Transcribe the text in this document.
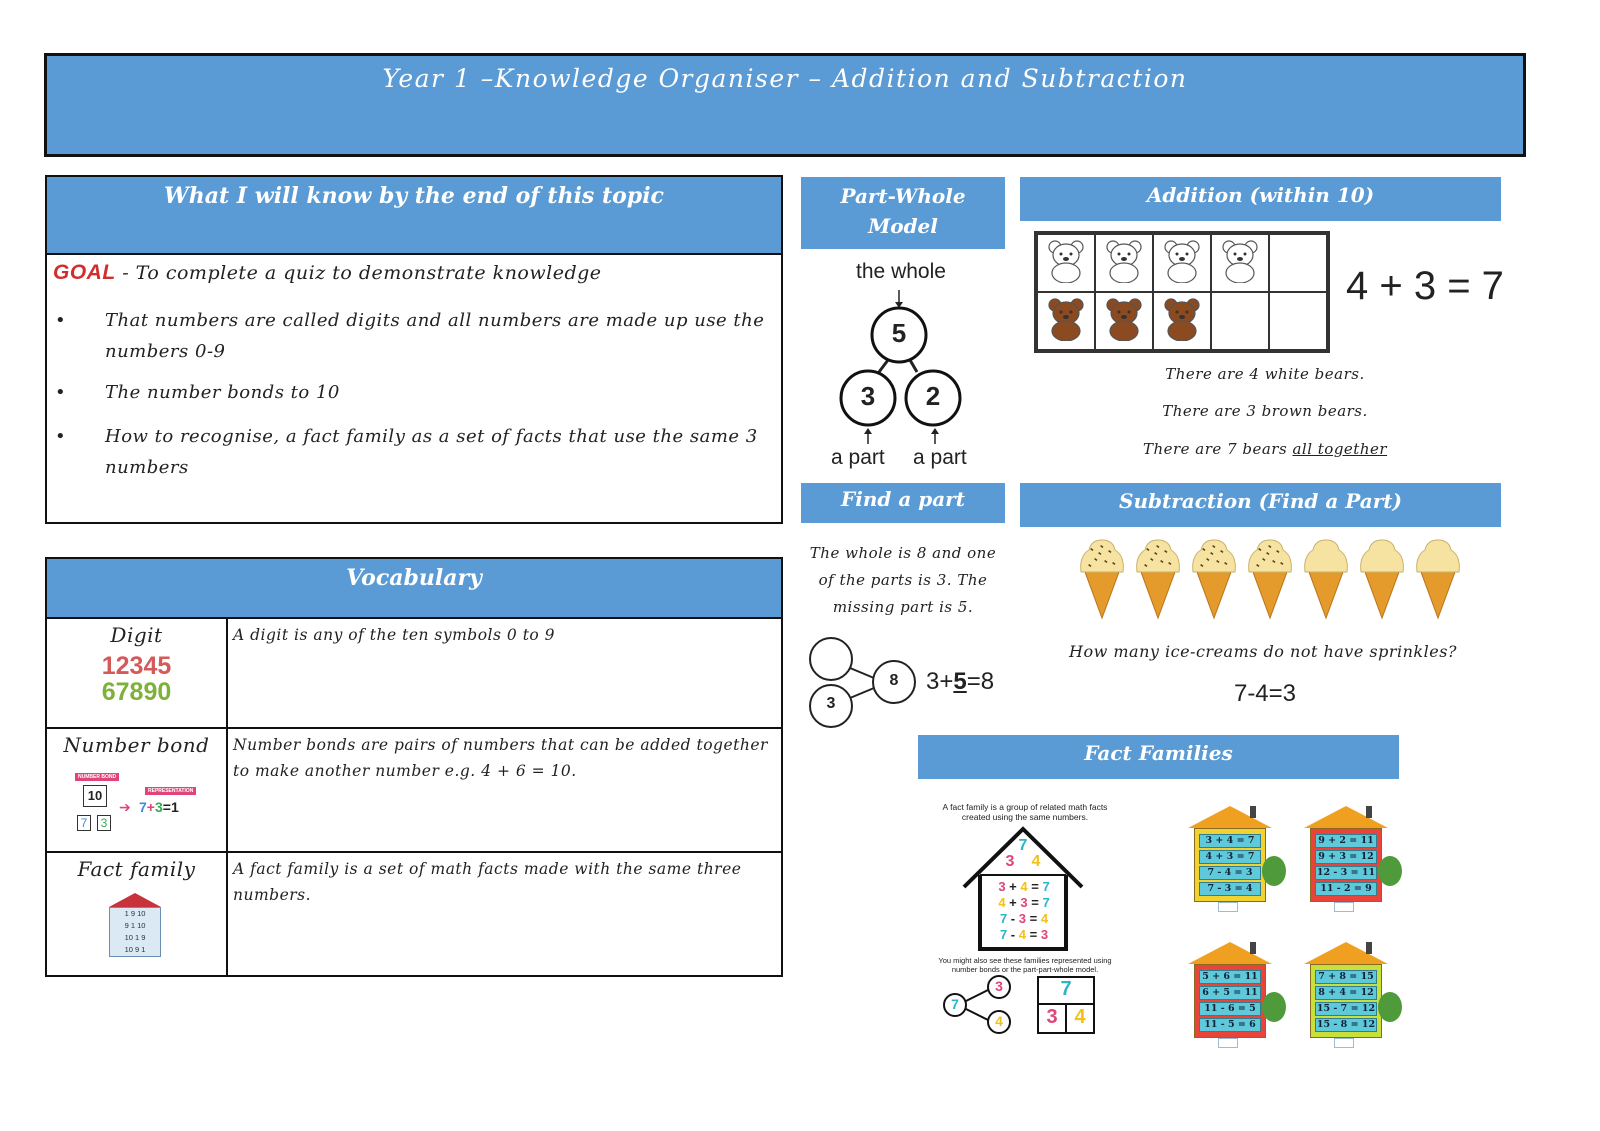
Year 1 –Knowledge Organiser – Addition and Subtraction
What I will know by the end of this topic
GOAL - To complete a quiz to demonstrate knowledge
• That numbers are called digits and all numbers are made up use the numbers 0-9
• The number bonds to 10
• How to recognise, a fact family as a set of facts that use the same 3 numbers
Vocabulary
Digit
12345
67890
A digit is any of the ten symbols 0 to 9
Number bond
NUMBER BOND
REPRESENTATION
10
7	3
➔ 7+3=1
Number bonds are pairs of numbers that can be added together to make another number e.g. 4 + 6 = 10.
Fact family
1 9 10
9 1 10
10 1 9
10 9 1
A fact family is a set of math facts made with the same three numbers.
Part-Whole
Model
the whole
5
3	2
a part a part
Addition (within 10)
4 + 3 = 7
There are 4 white bears.
There are 3 brown bears.
There are 7 bears all together
Find a part
The whole is 8 and one of the parts is 3. The missing part is 5.
3
8	3+5=8
Subtraction (Find a Part)
How many ice-creams do not have sprinkles?
7-4=3
Fact Families
A fact family is a group of related math facts created using the same numbers.
7
3	4
3 + 4 = 7
4 + 3 = 7
7 - 3 = 4
7 - 4 = 3
You might also see these families represented using number bonds or the part-part-whole model.
7
3
4
7
3 4
3 + 4 = 7
4 + 3 = 7
7 - 4 = 3
7 - 3 = 4
9 + 2 = 11
9 + 3 = 12
12 - 3 = 11
11 - 2 = 9
5 + 6 = 11
6 + 5 = 11
11 - 6 = 5
11 - 5 = 6
7 + 8 = 15
8 + 4 = 12
15 - 7 = 12
15 - 8 = 12
